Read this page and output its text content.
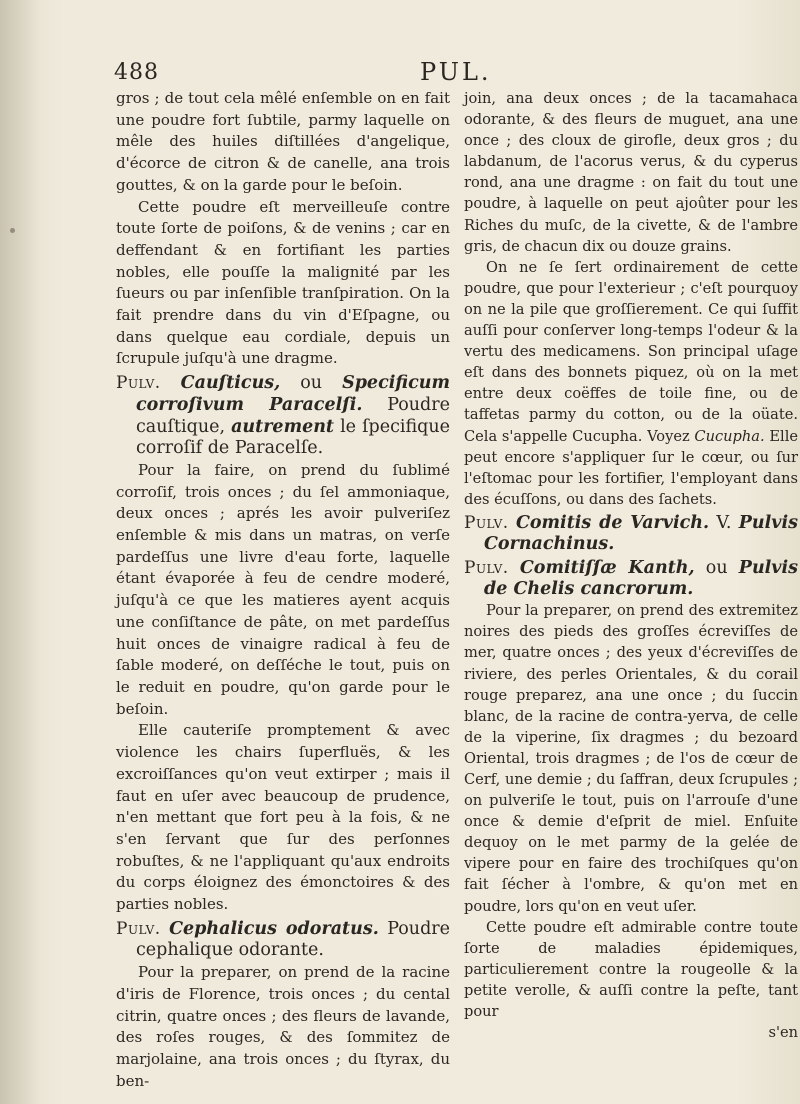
488	PUL.

gros ; de tout cela mêlé enſemble on en fait une poudre fort ſubtile, parmy laquelle on mêle des huiles diſtillées d'angelique, d'écorce de citron & de canelle, ana trois gouttes, & on la garde pour le beſoin.

Cette poudre eſt merveilleuſe contre toute ſorte de poiſons, & de venins ; car en deffendant & en fortifiant les parties nobles, elle pouſſe la malignité par les ſueurs ou par inſenſible tranſpiration. On la fait prendre dans du vin d'Eſpagne, ou dans quelque eau cordiale, depuis un ſcrupule juſqu'à une dragme.

Pulv. Cauſticus, ou Specificum corroſivum Paracelſi. Poudre cauſtique, autrement le ſpecifique corroſif de Paracelſe.

Pour la faire, on prend du ſublimé corroſif, trois onces ; du ſel ammoniaque, deux onces ; aprés les avoir pulveriſez enſemble & mis dans un matras, on verſe pardeſſus une livre d'eau forte, laquelle étant évaporée à feu de cendre moderé, juſqu'à ce que les matieres ayent acquis une conſiſtance de pâte, on met pardeſſus huit onces de vinaigre radical à feu de ſable moderé, on deſſéche le tout, puis on le reduit en poudre, qu'on garde pour le beſoin.

Elle cauteriſe promptement & avec violence les chairs ſuperfluës, & les excroiſſances qu'on veut extirper ; mais il faut en uſer avec beaucoup de prudence, n'en mettant que fort peu à la fois, & ne s'en ſervant que ſur des perſonnes robuſtes, & ne l'appliquant qu'aux endroits du corps éloignez des émonctoires & des parties nobles.

Pulv. Cephalicus odoratus. Poudre cephalique odorante.

Pour la preparer, on prend de la racine d'iris de Florence, trois onces ; du cental citrin, quatre onces ; des fleurs de lavande, des roſes rouges, & des ſommitez de marjolaine, ana trois onces ; du ſtyrax, du ben-

join, ana deux onces ; de la tacamahaca odorante, & des fleurs de muguet, ana une once ; des cloux de girofle, deux gros ; du labdanum, de l'acorus verus, & du cyperus rond, ana une dragme : on fait du tout une poudre, à laquelle on peut ajoûter pour les Riches du muſc, de la civette, & de l'ambre gris, de chacun dix ou douze grains.

On ne ſe ſert ordinairement de cette poudre, que pour l'exterieur ; c'eſt pourquoy on ne la pile que groſſierement. Ce qui ſuffit auſſi pour conſerver long-temps l'odeur & la vertu des medicamens. Son principal uſage eſt dans des bonnets piquez, où on la met entre deux coëffes de toile fine, ou de taffetas parmy du cotton, ou de la oüate. Cela s'appelle Cucupha. Voyez Cucupha. Elle peut encore s'appliquer ſur le cœur, ou ſur l'eſtomac pour les fortifier, l'employant dans des écuſſons, ou dans des ſachets.

Pulv. Comitis de Varvich. V. Pulvis Cornachinus.

Pulv. Comitiſſæ Kanth, ou Pulvis de Chelis cancrorum.

Pour la preparer, on prend des extremitez noires des pieds des groſſes écreviſſes de mer, quatre onces ; des yeux d'écreviſſes de riviere, des perles Orientales, & du corail rouge preparez, ana une once ; du ſuccin blanc, de la racine de contra-yerva, de celle de la viperine, ſix dragmes ; du bezoard Oriental, trois dragmes ; de l'os de cœur de Cerf, une demie ; du ſaffran, deux ſcrupules ; on pulveriſe le tout, puis on l'arrouſe d'une once & demie d'eſprit de miel. Enſuite dequoy on le met parmy de la gelée de vipere pour en faire des trochiſques qu'on fait ſécher à l'ombre, & qu'on met en poudre, lors qu'on en veut uſer.

Cette poudre eſt admirable contre toute ſorte de maladies épidemiques, particulierement contre la rougeolle & la petite verolle, & auſſi contre la peſte, tant pour

s'en
